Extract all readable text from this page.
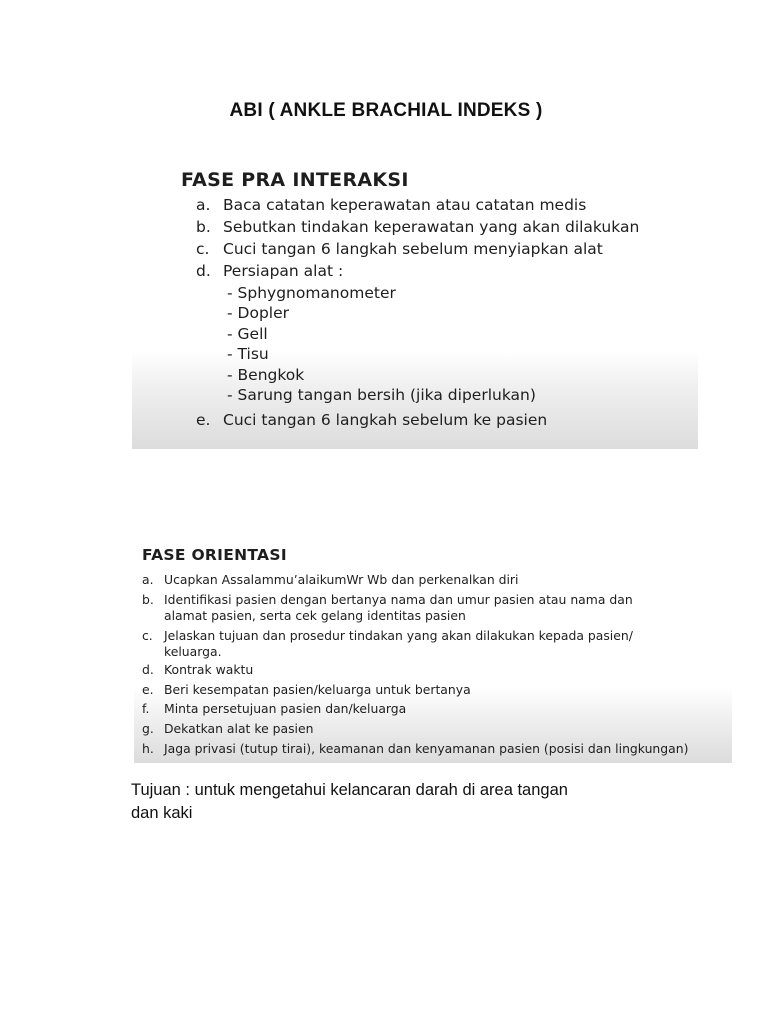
ABI ( ANKLE BRACHIAL INDEKS )
FASE PRA INTERAKSI
a. Baca catatan keperawatan atau catatan medis
b. Sebutkan tindakan keperawatan yang akan dilakukan
c. Cuci tangan 6 langkah sebelum menyiapkan alat
d. Persiapan alat :
- Sphygnomanometer
- Dopler
- Gell
- Tisu
- Bengkok
- Sarung tangan bersih (jika diperlukan)
e. Cuci tangan 6 langkah sebelum ke pasien
FASE ORIENTASI
a. Ucapkan AssalammuʼalaikumWr Wb dan perkenalkan diri
b. Identifikasi pasien dengan bertanya nama dan umur pasien atau nama dan
alamat pasien, serta cek gelang identitas pasien
c. Jelaskan tujuan dan prosedur tindakan yang akan dilakukan kepada pasien/
keluarga.
d. Kontrak waktu
e. Beri kesempatan pasien/keluarga untuk bertanya
f. Minta persetujuan pasien dan/keluarga
g. Dekatkan alat ke pasien
h. Jaga privasi (tutup tirai), keamanan dan kenyamanan pasien (posisi dan lingkungan)
Tujuan : untuk mengetahui kelancaran darah di area tangan
dan kaki
